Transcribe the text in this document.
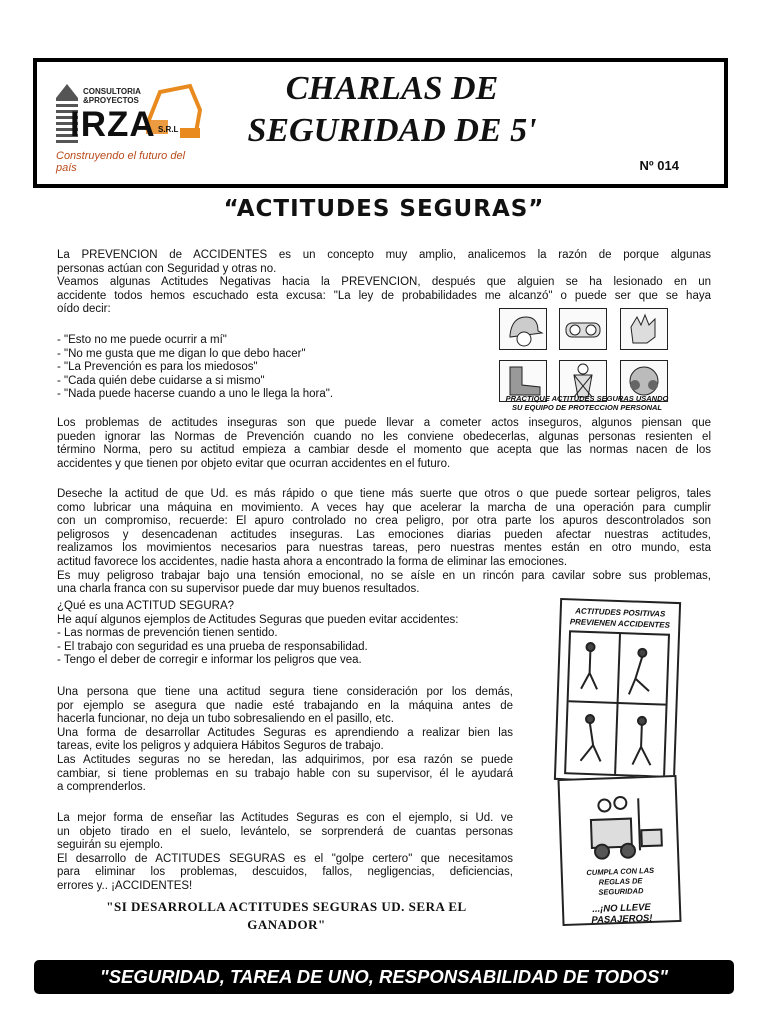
CONSULTORIA
&PROYECTOS
IRZA S.R.L
Construyendo el futuro del país
CHARLAS DE
SEGURIDAD DE 5'
Nº 014
“ACTITUDES SEGURAS”
La PREVENCION de ACCIDENTES es un concepto muy amplio, analicemos la razón de porque algunas
personas actúan con Seguridad y otras no.
Veamos algunas Actitudes Negativas hacia la PREVENCION, después que alguien se ha lesionado en un
accidente todos hemos escuchado esta excusa: "La ley de probabilidades me alcanzó" o puede ser que se haya
oído decir:
- "Esto no me puede ocurrir a mí"
- "No me gusta que me digan lo que debo hacer"
- "La Prevención es para los miedosos"
- "Cada quién debe cuidarse a si mismo"
- "Nada puede hacerse cuando a uno le llega la hora".	PRACTIQUE ACTITUDES SEGURAS USANDO
SU EQUIPO DE PROTECCION PERSONAL
Los problemas de actitudes inseguras son que puede llevar a cometer actos inseguros, algunos piensan que
pueden ignorar las Normas de Prevención cuando no les conviene obedecerlas, algunas personas resienten el
término Norma, pero su actitud empieza a cambiar desde el momento que acepta que las normas nacen de los
accidentes y que tienen por objeto evitar que ocurran accidentes en el futuro.
Deseche la actitud de que Ud. es más rápido o que tiene más suerte que otros o que puede sortear peligros, tales
como lubricar una máquina en movimiento. A veces hay que acelerar la marcha de una operación para cumplir
con un compromiso, recuerde: El apuro controlado no crea peligro, por otra parte los apuros descontrolados son
peligrosos y desencadenan actitudes inseguras. Las emociones diarias pueden afectar nuestras actitudes,
realizamos los movimientos necesarios para nuestras tareas, pero nuestras mentes están en otro mundo, esta
actitud favorece los accidentes, nadie hasta ahora a encontrado la forma de eliminar las emociones.
Es muy peligroso trabajar bajo una tensión emocional, no se aísle en un rincón para cavilar sobre sus problemas,
una charla franca con su supervisor puede dar muy buenos resultados.
¿Qué es una ACTITUD SEGURA?
He aquí algunos ejemplos de Actitudes Seguras que pueden evitar accidentes:
- Las normas de prevención tienen sentido.
- El trabajo con seguridad es una prueba de responsabilidad.
- Tengo el deber de corregir e informar los peligros que vea.
Una persona que tiene una actitud segura tiene consideración por los demás,
por ejemplo se asegura que nadie esté trabajando en la máquina antes de
hacerla funcionar, no deja un tubo sobresaliendo en el pasillo, etc.
Una forma de desarrollar Actitudes Seguras es aprendiendo a realizar bien las
tareas, evite los peligros y adquiera Hábitos Seguros de trabajo.
Las Actitudes seguras no se heredan, las adquirimos, por esa razón se puede
cambiar, si tiene problemas en su trabajo hable con su supervisor, él le ayudará
a comprenderlos.
La mejor forma de enseñar las Actitudes Seguras es con el ejemplo, si Ud. ve
un objeto tirado en el suelo, levántelo, se sorprenderá de cuantas personas
seguirán su ejemplo.
El desarrollo de ACTITUDES SEGURAS es el "golpe certero" que necesitamos
para eliminar los problemas, descuidos, fallos, negligencias, deficiencias,
errores y.. ¡ACCIDENTES!
ACTITUDES POSITIVAS
PREVIENEN ACCIDENTES
CUMPLA CON LAS
REGLAS DE
SEGURIDAD
...¡NO LLEVE PASAJEROS!
"SI DESARROLLA ACTITUDES SEGURAS UD. SERA EL
GANADOR"
"SEGURIDAD, TAREA DE UNO, RESPONSABILIDAD DE TODOS"
